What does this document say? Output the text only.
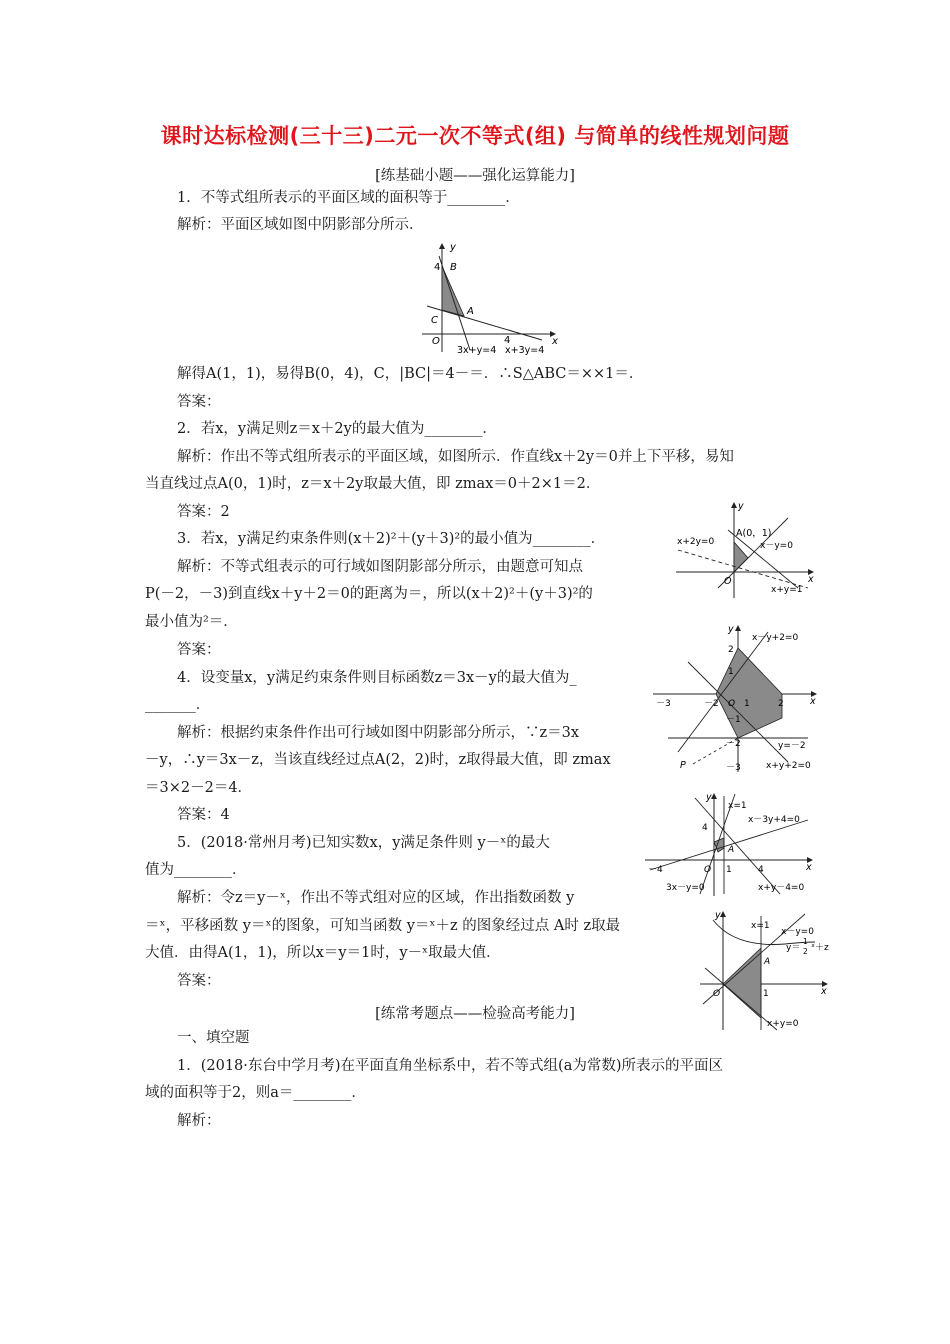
课时达标检测(三十三)二元一次不等式(组) 与简单的线性规划问题
[练基础小题——强化运算能力]
1．不等式组所表示的平面区域的面积等于________．
解析：平面区域如图中阴影部分所示．
y
4 B
A
C
O	4	x
3x+y=4 x+3y=4
解得A(1，1)，易得B(0，4)，C，|BC|＝4－＝．∴S△ABC＝××1＝．
答案：
2．若x，y满足则z＝x＋2y的最大值为________．
解析：作出不等式组所表示的平面区域，如图所示．作直线x＋2y＝0并上下平移，易知
当直线过点A(0，1)时，z＝x＋2y取最大值，即 zmax＝0＋2×1＝2．
答案：2
3．若x，y满足约束条件则(x＋2)²＋(y＋3)²的最小值为________．
y
A(0，1)
x+2y=0	x－y=0
x
O
x+y=1
解析：不等式组表示的可行域如图阴影部分所示，由题意可知点
P(－2，－3)到直线x＋y＋2＝0的距离为＝，所以(x＋2)²＋(y＋3)²的
最小值为²＝．
答案：
y
x－y+2=0
2
1
－3	－2 O 1	2	x
－1
－2	y=－2
P	－3	x+y+2=0
4．设变量x，y满足约束条件则目标函数z＝3x－y的最大值为_
_______．
解析：根据约束条件作出可行域如图中阴影部分所示，∵z＝3x
－y，∴y＝3x－z，当该直线经过点A(2，2)时，z取得最大值，即 zmax
＝3×2－2＝4．
答案：4
y
x=1
x－3y+4=0
4
A
－4	O 1	4	x
3x－y=0	x+y－4=0
5．(2018·常州月考)已知实数x，y满足条件则 y－ˣ的最大
值为________．
解析：令z＝y－ˣ，作出不等式组对应的区域，作出指数函数 y
＝ˣ，平移函数 y＝ˣ的图象，可知当函数 y＝ˣ＋z 的图象经过点 A时 z取最
大值．由得A(1，1)，所以x＝y＝1时，y－ˣ取最大值．
答案：
y
x=1
x－y=0
y＝
1
2 ˣ＋z
A
O	1	x
x+y=0
[练常考题点——检验高考能力]
一、填空题
1．(2018·东台中学月考)在平面直角坐标系中，若不等式组(a为常数)所表示的平面区
域的面积等于2，则a＝________．
解析：
